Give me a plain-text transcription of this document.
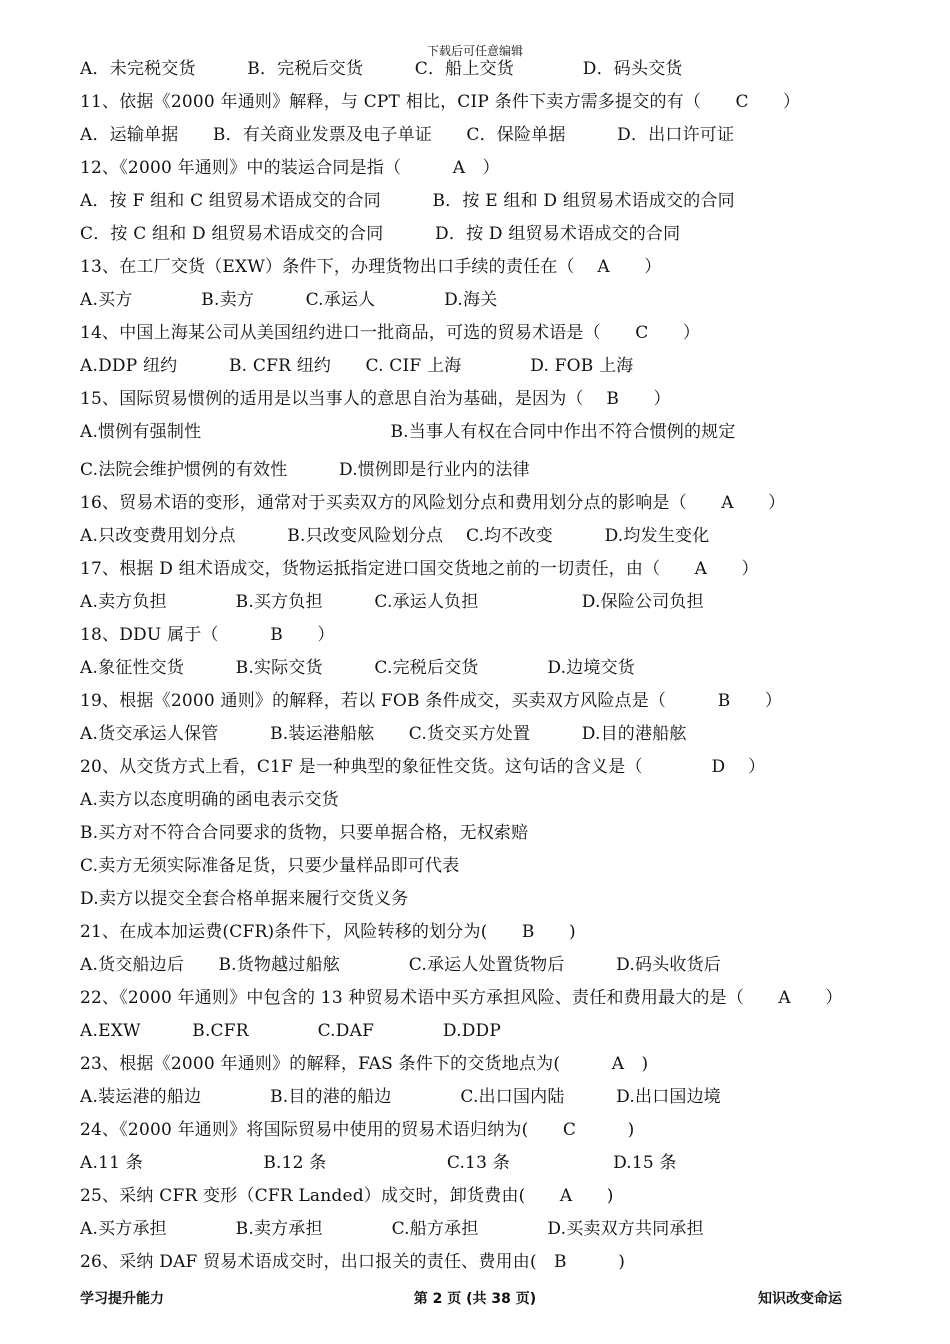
下载后可任意编辑
A．未完税交货　　　B．完税后交货　　　C．船上交货　　　　D．码头交货
11、依据《2000 年通则》解释，与 CPT 相比，CIP 条件下卖方需多提交的有（　　C　　）
A．运输单据　　B．有关商业发票及电子单证　　C．保险单据　　　D．出口许可证
12、《2000 年通则》中的装运合同是指（　　　A　）
A．按 F 组和 C 组贸易术语成交的合同　　　B．按 E 组和 D 组贸易术语成交的合同
C．按 C 组和 D 组贸易术语成交的合同　　　D．按 D 组贸易术语成交的合同
13、在工厂交货（EXW）条件下，办理货物出口手续的责任在（　 A　　）
A.买方　　　　B.卖方　　　C.承运人　　　　D.海关
14、中国上海某公司从美国纽约进口一批商品，可选的贸易术语是（　　C　　）
A.DDP 纽约　　　B. CFR 纽约　　C. CIF 上海　　　　D. FOB 上海
15、国际贸易惯例的适用是以当事人的意思自治为基础，是因为（　 B　　）
A.惯例有强制性　　　　　　　　　　　B.当事人有权在合同中作出不符合惯例的规定
C.法院会维护惯例的有效性　　　D.惯例即是行业内的法律
16、贸易术语的变形，通常对于买卖双方的风险划分点和费用划分点的影响是（　　A　　）
A.只改变费用划分点　　　B.只改变风险划分点　 C.均不改变　　　D.均发生变化
17、根据 D 组术语成交，货物运抵指定进口国交货地之前的一切责任，由（　　A　　）
A.卖方负担　　　　B.买方负担　　　C.承运人负担　　　　　　D.保险公司负担
18、DDU 属于（　　　B　　）
A.象征性交货　　　B.实际交货　　　C.完税后交货　　　　D.边境交货
19、根据《2000 通则》的解释，若以 FOB 条件成交，买卖双方风险点是（　　　B　　）
A.货交承运人保管　　　B.装运港船舷　　C.货交买方处置　　　D.目的港船舷
20、从交货方式上看，C1F 是一种典型的象征性交货。这句话的含义是（　　　　D　 ）
A.卖方以态度明确的函电表示交货
B.买方对不符合合同要求的货物，只要单据合格，无权索赔
C.卖方无须实际准备足货，只要少量样品即可代表
D.卖方以提交全套合格单据来履行交货义务
21、在成本加运费(CFR)条件下，风险转移的划分为(　　B　　)
A.货交船边后　　B.货物越过船舷　　　　C.承运人处置货物后　　　D.码头收货后
22、《2000 年通则》中包含的 13 种贸易术语中买方承担风险、责任和费用最大的是（　　A　　）
A.EXW　　　B.CFR　　　　C.DAF　　　　D.DDP
23、根据《2000 年通则》的解释，FAS 条件下的交货地点为(　　　A　)
A.装运港的船边　　　　B.目的港的船边　　　　C.出口国内陆　　　D.出口国边境
24、《2000 年通则》将国际贸易中使用的贸易术语归纳为(　　C　　　)
A.11 条　　　　　　　B.12 条　　　　　　　C.13 条　　　　　　D.15 条
25、采纳 CFR 变形（CFR Landed）成交时，卸货费由(　　A　　)
A.买方承担　　　　B.卖方承担　　　　C.船方承担　　　　D.买卖双方共同承担
26、采纳 DAF 贸易术语成交时，出口报关的责任、费用由(　B　　　)
学习提升能力	第 2 页 (共 38 页)	知识改变命运
